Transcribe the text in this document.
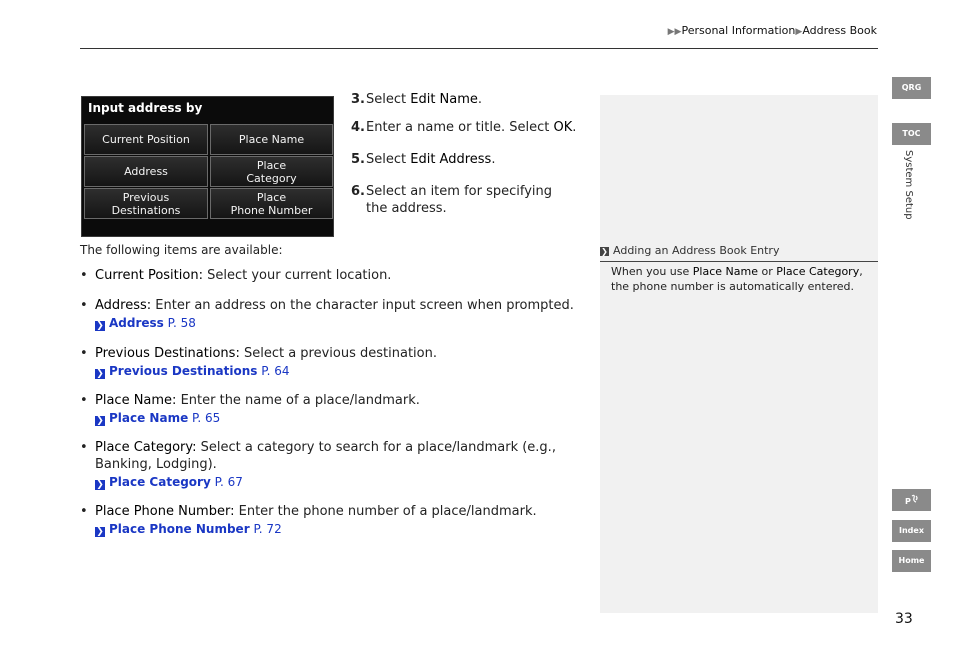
▶▶Personal Information▶Address Book
Input address by
Current Position	Place Name
Address	Place
Category
Previous
Destinations
Place
Phone Number
3. Select Edit Name.
4. Enter a name or title. Select OK.
5. Select Edit Address.
6. Select an item for specifying the address.
The following items are available:
• Current Position: Select your current location.
• Address: Enter an address on the character input screen when prompted.
❯ Address P. 58
• Previous Destinations: Select a previous destination.
❯ Previous Destinations P. 64
• Place Name: Enter the name of a place/landmark.
❯ Place Name P. 65
• Place Category: Select a category to search for a place/landmark (e.g., Banking, Lodging).
❯ Place Category P. 67
• Place Phone Number: Enter the phone number of a place/landmark.
❯ Place Phone Number P. 72
❯ Adding an Address Book Entry
When you use Place Name or Place Category, the phone number is automatically entered.
33
QRG
TOC
System Setup
P
Index
Home
